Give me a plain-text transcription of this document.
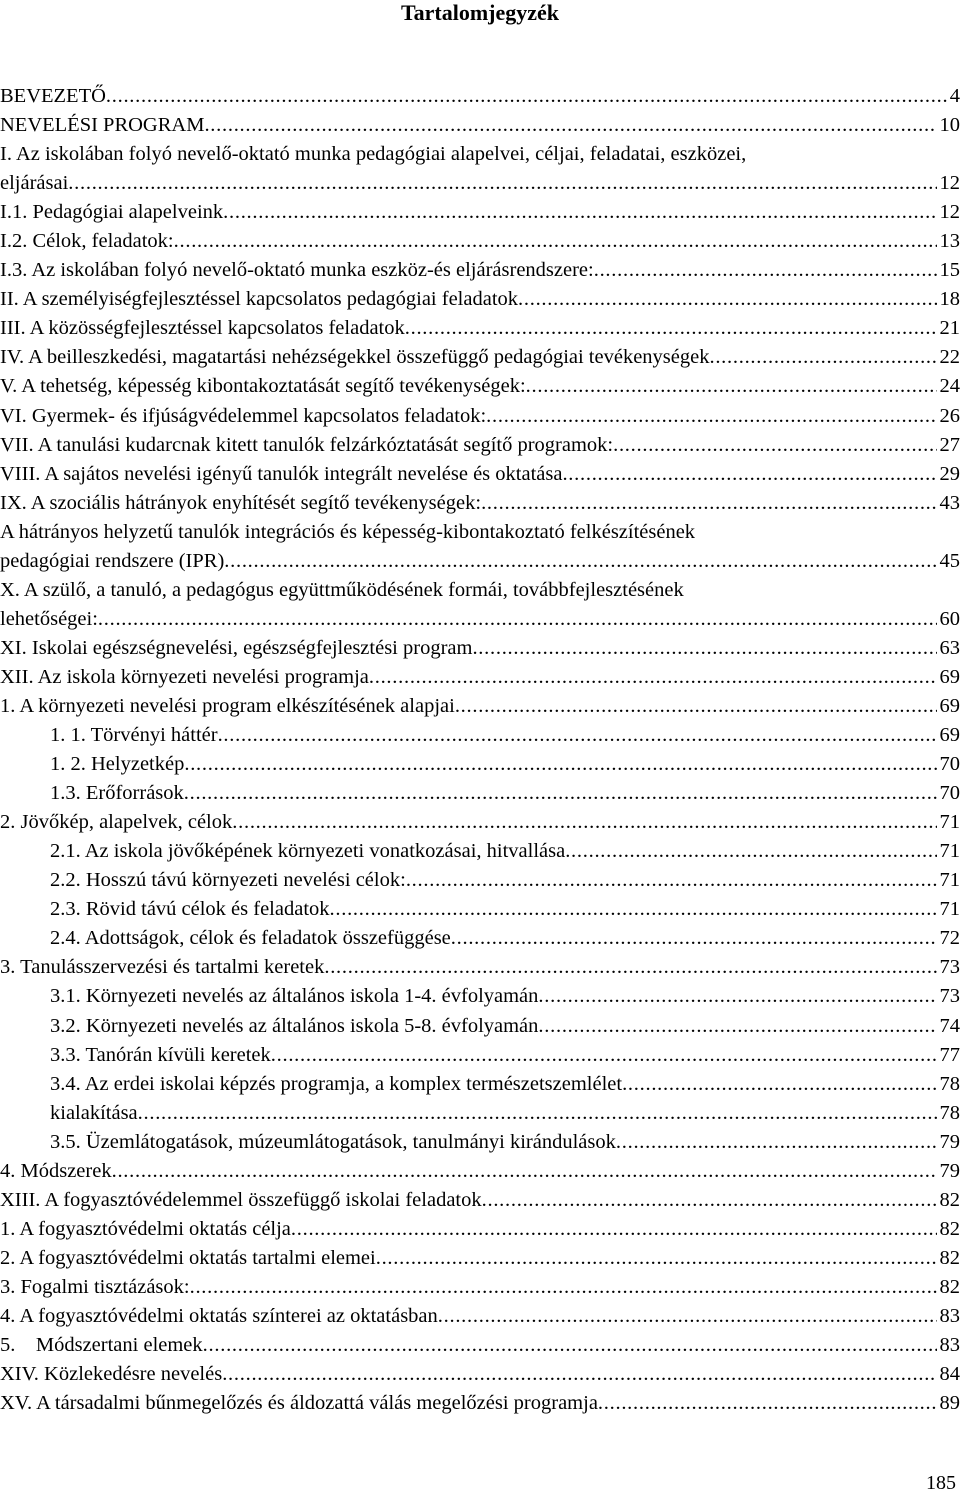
Tartalomjegyzék
BEVEZETŐ . . .	4
NEVELÉSI PROGRAM . . .	10
I. Az iskolában folyó nevelő-oktató munka pedagógiai alapelvei, céljai, feladatai, eszközei,
eljárásai . . .	12
I.1. Pedagógiai alapelveink . . .	12
I.2. Célok, feladatok: . . .	13
I.3. Az iskolában folyó nevelő-oktató munka eszköz-és eljárásrendszere: . . .	15
II. A személyiségfejlesztéssel kapcsolatos pedagógiai feladatok . . .	18
III. A közösségfejlesztéssel kapcsolatos feladatok . . .	21
IV. A beilleszkedési, magatartási nehézségekkel összefüggő pedagógiai tevékenységek . . .	22
V. A tehetség, képesség kibontakoztatását segítő tevékenységek: . . .	24
VI. Gyermek- és ifjúságvédelemmel kapcsolatos feladatok: . . .	26
VII. A tanulási kudarcnak kitett tanulók felzárkóztatását segítő programok: . . .	27
VIII. A sajátos nevelési igényű tanulók integrált nevelése és oktatása . . .	29
IX. A szociális hátrányok enyhítését segítő tevékenységek: . . .	43
A hátrányos helyzetű tanulók integrációs és képesség-kibontakoztató felkészítésének
pedagógiai rendszere (IPR) . . .	45
X. A szülő, a tanuló, a pedagógus együttműködésének formái, továbbfejlesztésének
lehetőségei: . . .	60
XI. Iskolai egészségnevelési, egészségfejlesztési program . . .	63
XII. Az iskola környezeti nevelési programja . . .	69
1. A környezeti nevelési program elkészítésének alapjai . . .	69
1. 1. Törvényi háttér . . .	69
1. 2. Helyzetkép . . .	70
1.3. Erőforrások . . .	70
2. Jövőkép, alapelvek, célok . . .	71
2.1. Az iskola jövőképének környezeti vonatkozásai, hitvallása . . .	71
2.2. Hosszú távú környezeti nevelési célok: . . .	71
2.3. Rövid távú célok és feladatok . . .	71
2.4. Adottságok, célok és feladatok összefüggése . . .	72
3. Tanulásszervezési és tartalmi keretek . . .	73
3.1. Környezeti nevelés az általános iskola 1-4. évfolyamán . . .	73
3.2. Környezeti nevelés az általános iskola 5-8. évfolyamán . . .	74
3.3. Tanórán kívüli keretek . . .	77
3.4. Az erdei iskolai képzés programja, a komplex természetszemlélet . . .	78
kialakítása . . .	78
3.5. Üzemlátogatások, múzeumlátogatások, tanulmányi kirándulások . . .	79
4. Módszerek . . .	79
XIII. A fogyasztóvédelemmel összefüggő iskolai feladatok . . .	82
1. A fogyasztóvédelmi oktatás célja . . .	82
2. A fogyasztóvédelmi oktatás tartalmi elemei . . .	82
3. Fogalmi tisztázások: . . .	82
4. A fogyasztóvédelmi oktatás színterei az oktatásban . . .	83
5.    Módszertani elemek . . .	83
XIV. Közlekedésre nevelés . . .	84
XV. A társadalmi bűnmegelőzés és áldozattá válás megelőzési programja . . .	89
185
